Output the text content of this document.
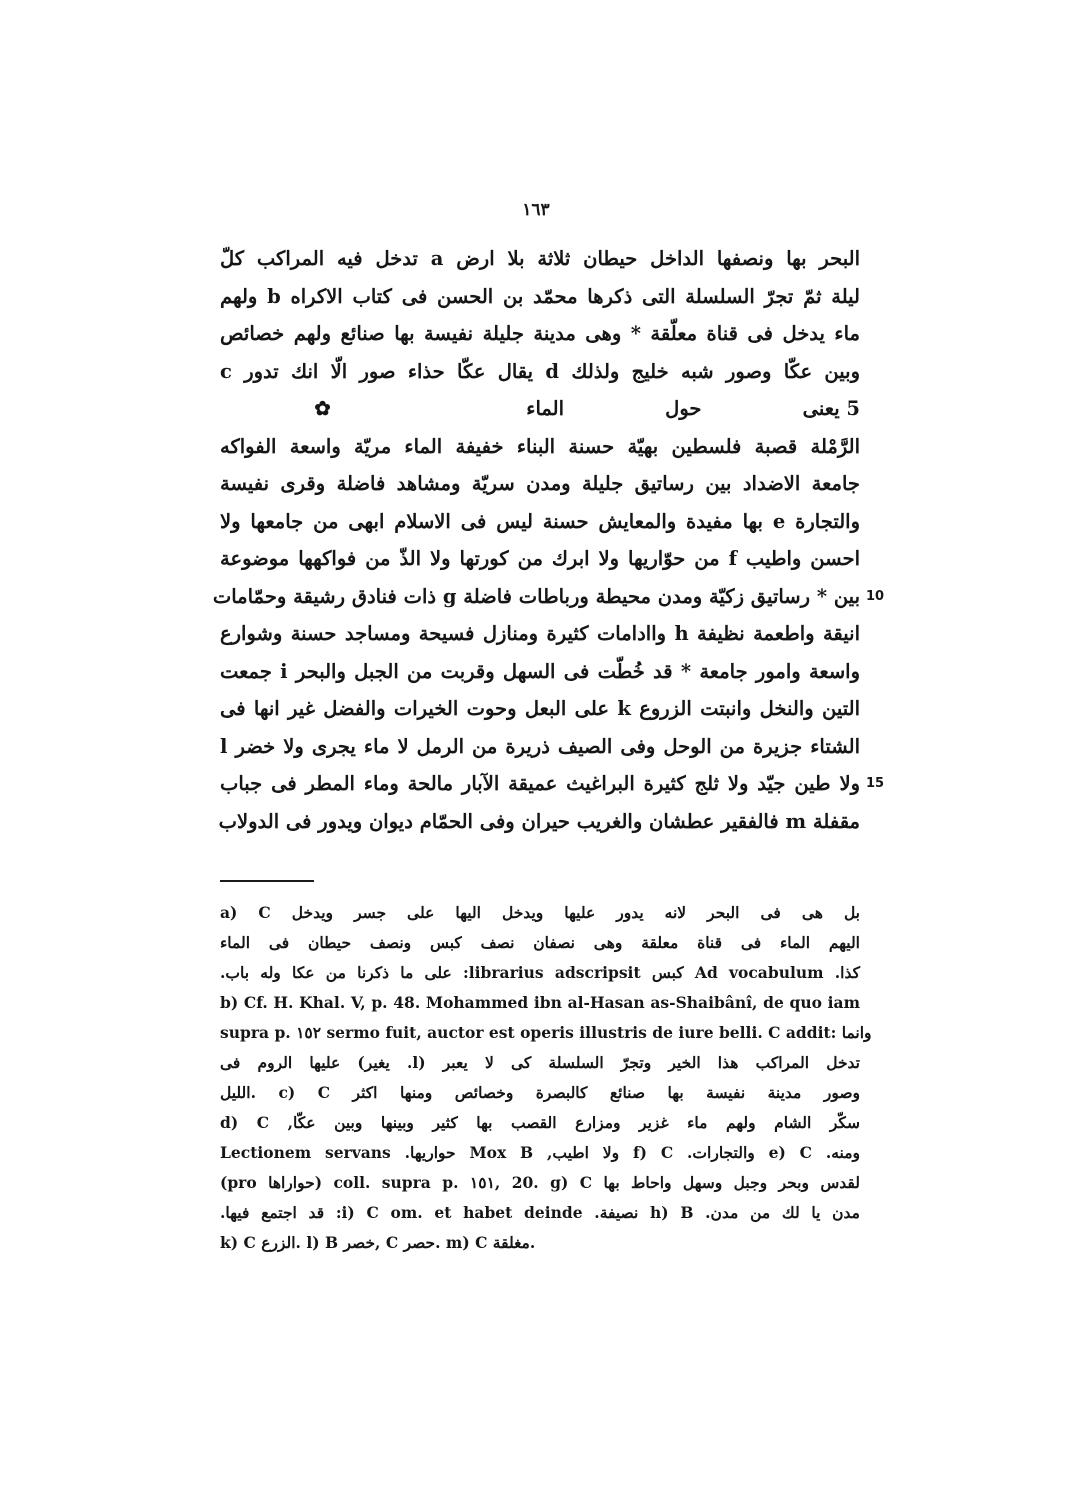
١٦٣
البحر بها ونصفها الداخل حيطان ثلاثة بلا ارض a تدخل فيه المراكب كلّ
ليلة ثمّ تجرّ السلسلة التى ذكرها محمّد بن الحسن فى كتاب الاكراه b ولهم
ماء يدخل فى قناة معلّقة * وهى مدينة جليلة نفيسة بها صنائع ولهم خصائص
وبين عكّا وصور شبه خليج ولذلك d يقال عكّا حذاء صور الّا انك تدور c
5 يعنى حول الماء ✿
الرَّمْلة قصبة فلسطين بهيّة حسنة البناء خفيفة الماء مريّة واسعة الفواكه
جامعة الاضداد بين رساتيق جليلة ومدن سريّة ومشاهد فاضلة وقرى نفيسة
والتجارة e بها مفيدة والمعايش حسنة ليس فى الاسلام ابهى من جامعها ولا
احسن واطيب f من حوّاريها ولا ابرك من كورتها ولا الذّ من فواكهها موضوعة
بين * رساتيق زكيّة ومدن محيطة ورباطات فاضلة g ذات فنادق رشيقة وحمّامات
انيقة واطعمة نظيفة h واادامات كثيرة ومنازل فسيحة ومساجد حسنة وشوارع
واسعة وامور جامعة * قد خُطّت فى السهل وقربت من الجبل والبحر i جمعت
التين والنخل وانبتت الزروع k على البعل وحوت الخيرات والفضل غير انها فى
الشتاء جزيرة من الوحل وفى الصيف ذريرة من الرمل لا ماء يجرى ولا خضر l
ولا طين جيّد ولا ثلج كثيرة البراغيث عميقة الآبار مالحة وماء المطر فى جباب
مقفلة m فالفقير عطشان والغريب حيران وفى الحمّام ديوان ويدور فى الدولاب
10
15
a) C بل هى فى البحر لانه يدور عليها ويدخل اليها على جسر ويدخل
اليهم الماء فى قناة معلقة وهى نصفان نصف كبس ونصف حيطان فى الماء
كذا. Ad vocabulum كبس librarius adscripsit: على ما ذكرنا من عكا وله باب.
b) Cf. H. Khal. V, p. 48. Mohammed ibn al-Hasan as-Shaibânî, de quo iam
supra p. ١٥٢ sermo fuit, auctor est operis illustris de iure belli. C addit: وانما
تدخل المراكب هذا الخير وتجرّ السلسلة كى لا يعبر (l. يغير) عليها الروم فى
وصور مدينة نفيسة بها صنائع كالبصرة وخصائص ومنها اكثر c) C .الليل
d) C ,سكّر الشام ولهم ماء غزير ومزارع القصب بها كثير وبينها وبين عكّا
ومنه. e) C والتجارات. f) C ولا اطيب, Mox B حواريها. Lectionem servans
(pro حواراها) coll. supra p. ١٥١, 20. g) C لقدس وبحر وجبل وسهل واحاط بها
مدن يا لك من مدن. h) B نصيفة. i) C om. et habet deinde: قد اجتمع فيها.
k) C الزرع. l) B خصر, C حصر. m) C مغلقة.
